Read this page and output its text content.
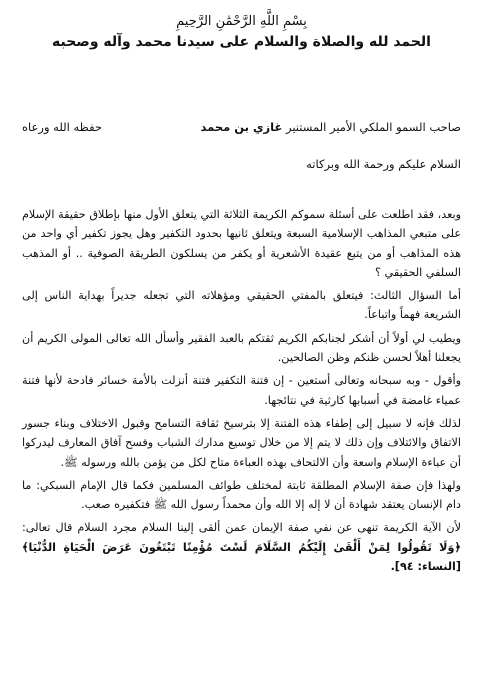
بِسْمِ اللَّهِ الرَّحْمَٰنِ الرَّحِيمِ
الحمد لله والصلاة والسلام على سيدنا محمد وآله وصحبه
صاحب السمو الملكي الأمير المستنير غازي بن محمد
حفظه الله ورعاه
السلام عليكم ورحمة الله وبركاته

وبعد، فقد اطلعت على أسئلة سموكم الكريمة الثلاثة التي يتعلق الأول منها بإطلاق حقيقة الإسلام على متبعي المذاهب الإسلامية السبعة ويتعلق ثانيها بحدود التكفير وهل يجوز تكفير أي واحد من هذه المذاهب أو من يتبع عقيدة الأشعرية أو يكفر من يسلكون الطريقة الصوفية .. أو المذهب السلفي الحقيقي ؟

أما السؤال الثالث: فيتعلق بالمفتي الحقيقي ومؤهلاته التي تجعله جديراً بهداية الناس إلى الشريعة فهماً واتباعاً.

ويطيب لي أولاً أن أشكر لجنابكم الكريم ثقتكم بالعبد الفقير وأسأل الله تعالى المولى الكريم أن يجعلنا أهلاً لحسن ظنكم وظن الصالحين.

وأقول - وبه سبحانه وتعالى أستعين - إن فتنة التكفير فتنة أنزلت بالأمة خسائر فادحة لأنها فتنة عمياء غامضة في أسبابها كارثية في نتائجها.

لذلك فإنه لا سبيل إلى إطفاء هذه الفتنة إلا بترسيخ ثقافة التسامح وقبول الاختلاف وبناء جسور الاتفاق والائتلاف وإن ذلك لا يتم إلا من خلال توسيع مدارك الشباب وفسح آفاق المعارف ليدركوا أن عباءة الإسلام واسعة وأن الالتحاف بهذه العباءة متاح لكل من يؤمن بالله ورسوله ﷺ.

ولهذا فإن صفة الإسلام المطلقة ثابتة لمختلف طوائف المسلمين فكما قال الإمام السبكي: ما دام الإنسان يعتقد شهادة أن لا إله إلا الله وأن محمداً رسول الله ﷺ فتكفيره صعب.

لأن الآية الكريمة تنهى عن نفي صفة الإيمان عمن ألقى إلينا السلام مجرد السلام قال تعالى: ﴿وَلَا تَقُولُوا لِمَنْ أَلْقَىٰ إِلَيْكُمُ السَّلَامَ لَسْتَ مُؤْمِنًا تَبْتَغُونَ عَرَضَ الْحَيَاةِ الدُّنْيَا﴾[النساء: ٩٤].
